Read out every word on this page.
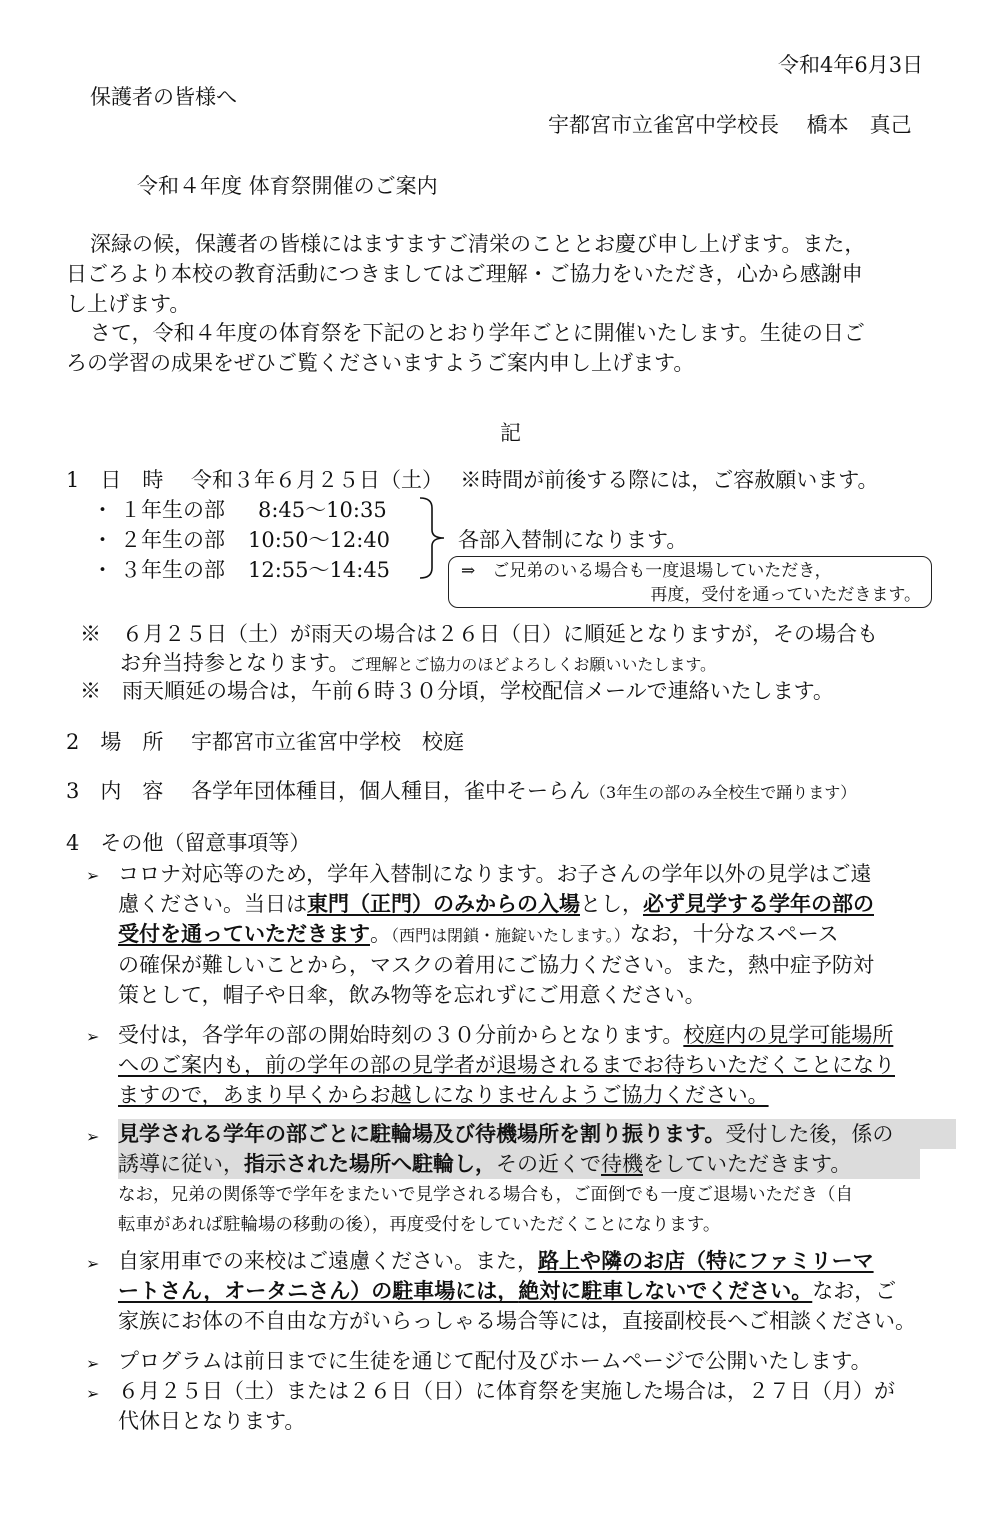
令和4年6月3日
保護者の皆様へ
宇都宮市立雀宮中学校長　 橋本　真己
令和４年度 体育祭開催のご案内
深緑の候，保護者の皆様にはますますご清栄のこととお慶び申し上げます。また，
日ごろより本校の教育活動につきましてはご理解・ご協力をいただき，心から感謝申
し上げます。
さて，令和４年度の体育祭を下記のとおり学年ごとに開催いたします。生徒の日ご
ろの学習の成果をぜひご覧くださいますようご案内申し上げます。
記
1　日　時　 令和３年６月２５日（土）　 ※時間が前後する際には，ご容赦願います。
・ １年生の部 8:45～10:35
・ ２年生の部 10:50～12:40
・ ３年生の部 12:55～14:45
各部入替制になります。
⇒　ご兄弟のいる場合も一度退場していただき，
再度，受付を通っていただきます。
※　６月２５日（土）が雨天の場合は２６日（日）に順延となりますが，その場合も
お弁当持参となります。ご理解とご協力のほどよろしくお願いいたします。
※　雨天順延の場合は，午前６時３０分頃，学校配信メールで連絡いたします。
2　場　所　 宇都宮市立雀宮中学校　校庭
3　内　容　 各学年団体種目，個人種目，雀中そーらん（3年生の部のみ全校生で踊ります）
4　その他（留意事項等）
➢ コロナ対応等のため，学年入替制になります。お子さんの学年以外の見学はご遠
慮ください。当日は東門（正門）のみからの入場とし，必ず見学する学年の部の
受付を通っていただきます。（西門は閉鎖・施錠いたします。）なお，十分なスペース
の確保が難しいことから，マスクの着用にご協力ください。また，熱中症予防対
策として，帽子や日傘，飲み物等を忘れずにご用意ください。
➢ 受付は，各学年の部の開始時刻の３０分前からとなります。校庭内の見学可能場所
へのご案内も，前の学年の部の見学者が退場されるまでお待ちいただくことになり
ますので，あまり早くからお越しになりませんようご協力ください。
➢ 見学される学年の部ごとに駐輪場及び待機場所を割り振ります。受付した後，係の
誘導に従い，指示された場所へ駐輪し，その近くで待機をしていただきます。
なお，兄弟の関係等で学年をまたいで見学される場合も，ご面倒でも一度ご退場いただき（自
転車があれば駐輪場の移動の後），再度受付をしていただくことになります。
➢ 自家用車での来校はご遠慮ください。また，路上や隣のお店（特にファミリーマ
ートさん，オータニさん）の駐車場には，絶対に駐車しないでください。なお，ご
家族にお体の不自由な方がいらっしゃる場合等には，直接副校長へご相談ください。
➢ プログラムは前日までに生徒を通じて配付及びホームページで公開いたします。
➢ ６月２５日（土）または２６日（日）に体育祭を実施した場合は，２７日（月）が
代休日となります。
